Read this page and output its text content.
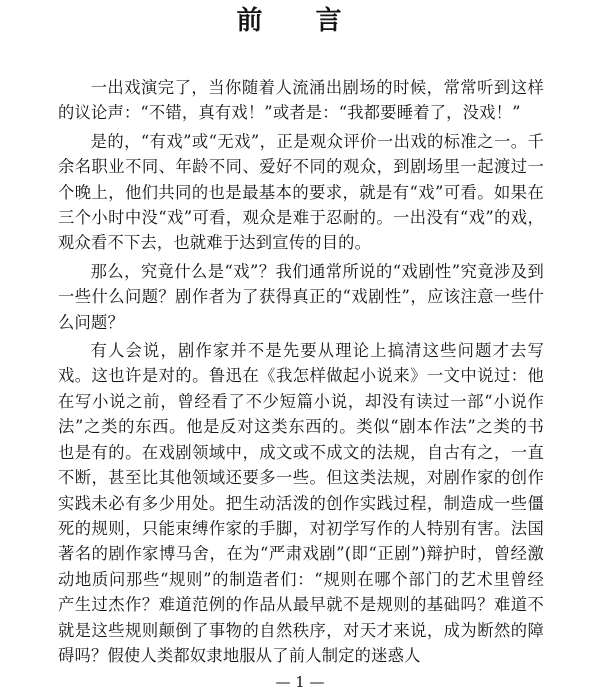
前 言

一出戏演完了，当你随着人流涌出剧场的时候，常常听到这样的议论声：“不错，真有戏！”或者是：“我都要睡着了，没戏！”

是的，“有戏”或“无戏”，正是观众评价一出戏的标准之一。千余名职业不同、年龄不同、爱好不同的观众，到剧场里一起渡过一个晚上，他们共同的也是最基本的要求，就是有“戏”可看。如果在三个小时中没“戏”可看，观众是难于忍耐的。一出没有“戏”的戏，观众看不下去，也就难于达到宣传的目的。

那么，究竟什么是“戏”？我们通常所说的“戏剧性”究竟涉及到一些什么问题？剧作者为了获得真正的“戏剧性”，应该注意一些什么问题？

有人会说，剧作家并不是先要从理论上搞清这些问题才去写戏。这也许是对的。鲁迅在《我怎样做起小说来》一文中说过：他在写小说之前，曾经看了不少短篇小说，却没有读过一部“小说作法”之类的东西。他是反对这类东西的。类似“剧本作法”之类的书也是有的。在戏剧领域中，成文或不成文的法规，自古有之，一直不断，甚至比其他领域还要多一些。但这类法规，对剧作家的创作实践未必有多少用处。把生动活泼的创作实践过程，制造成一些僵死的规则，只能束缚作家的手脚，对初学写作的人特别有害。法国著名的剧作家博马舍，在为“严肃戏剧”(即“正剧”)辩护时，曾经激动地质问那些“规则”的制造者们：“规则在哪个部门的艺术里曾经产生过杰作？难道范例的作品从最早就不是规则的基础吗？难道不就是这些规则颠倒了事物的自然秩序，对天才来说，成为断然的障碍吗？假使人类都奴隶地服从了前人制定的迷惑人

— 1 —
